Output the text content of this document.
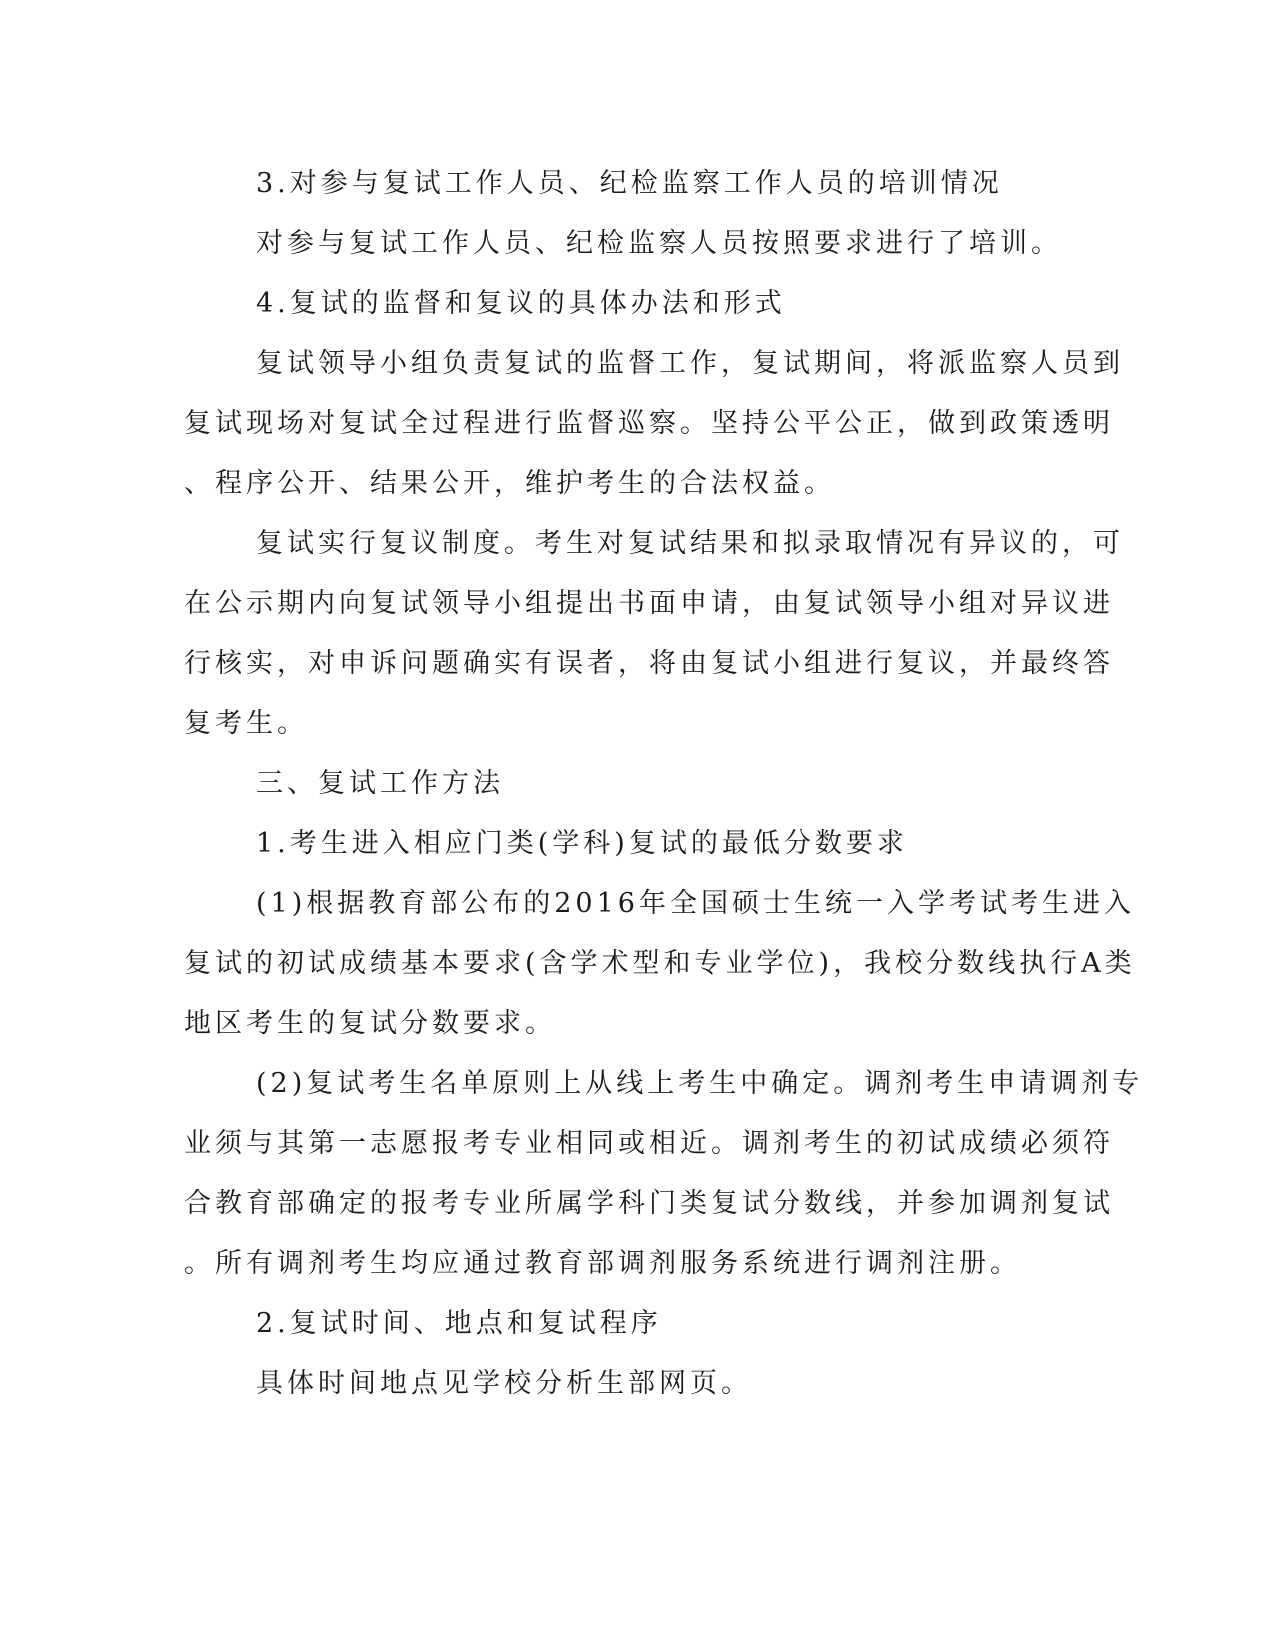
3.对参与复试工作人员、纪检监察工作人员的培训情况
对参与复试工作人员、纪检监察人员按照要求进行了培训。
4.复试的监督和复议的具体办法和形式
复试领导小组负责复试的监督工作，复试期间，将派监察人员到
复试现场对复试全过程进行监督巡察。坚持公平公正，做到政策透明
、程序公开、结果公开，维护考生的合法权益。
复试实行复议制度。考生对复试结果和拟录取情况有异议的，可
在公示期内向复试领导小组提出书面申请，由复试领导小组对异议进
行核实，对申诉问题确实有误者，将由复试小组进行复议，并最终答
复考生。
三、复试工作方法
1.考生进入相应门类(学科)复试的最低分数要求
(1)根据教育部公布的2016年全国硕士生统一入学考试考生进入
复试的初试成绩基本要求(含学术型和专业学位)，我校分数线执行A类
地区考生的复试分数要求。
(2)复试考生名单原则上从线上考生中确定。调剂考生申请调剂专
业须与其第一志愿报考专业相同或相近。调剂考生的初试成绩必须符
合教育部确定的报考专业所属学科门类复试分数线，并参加调剂复试
。所有调剂考生均应通过教育部调剂服务系统进行调剂注册。
2.复试时间、地点和复试程序
具体时间地点见学校分析生部网页。
